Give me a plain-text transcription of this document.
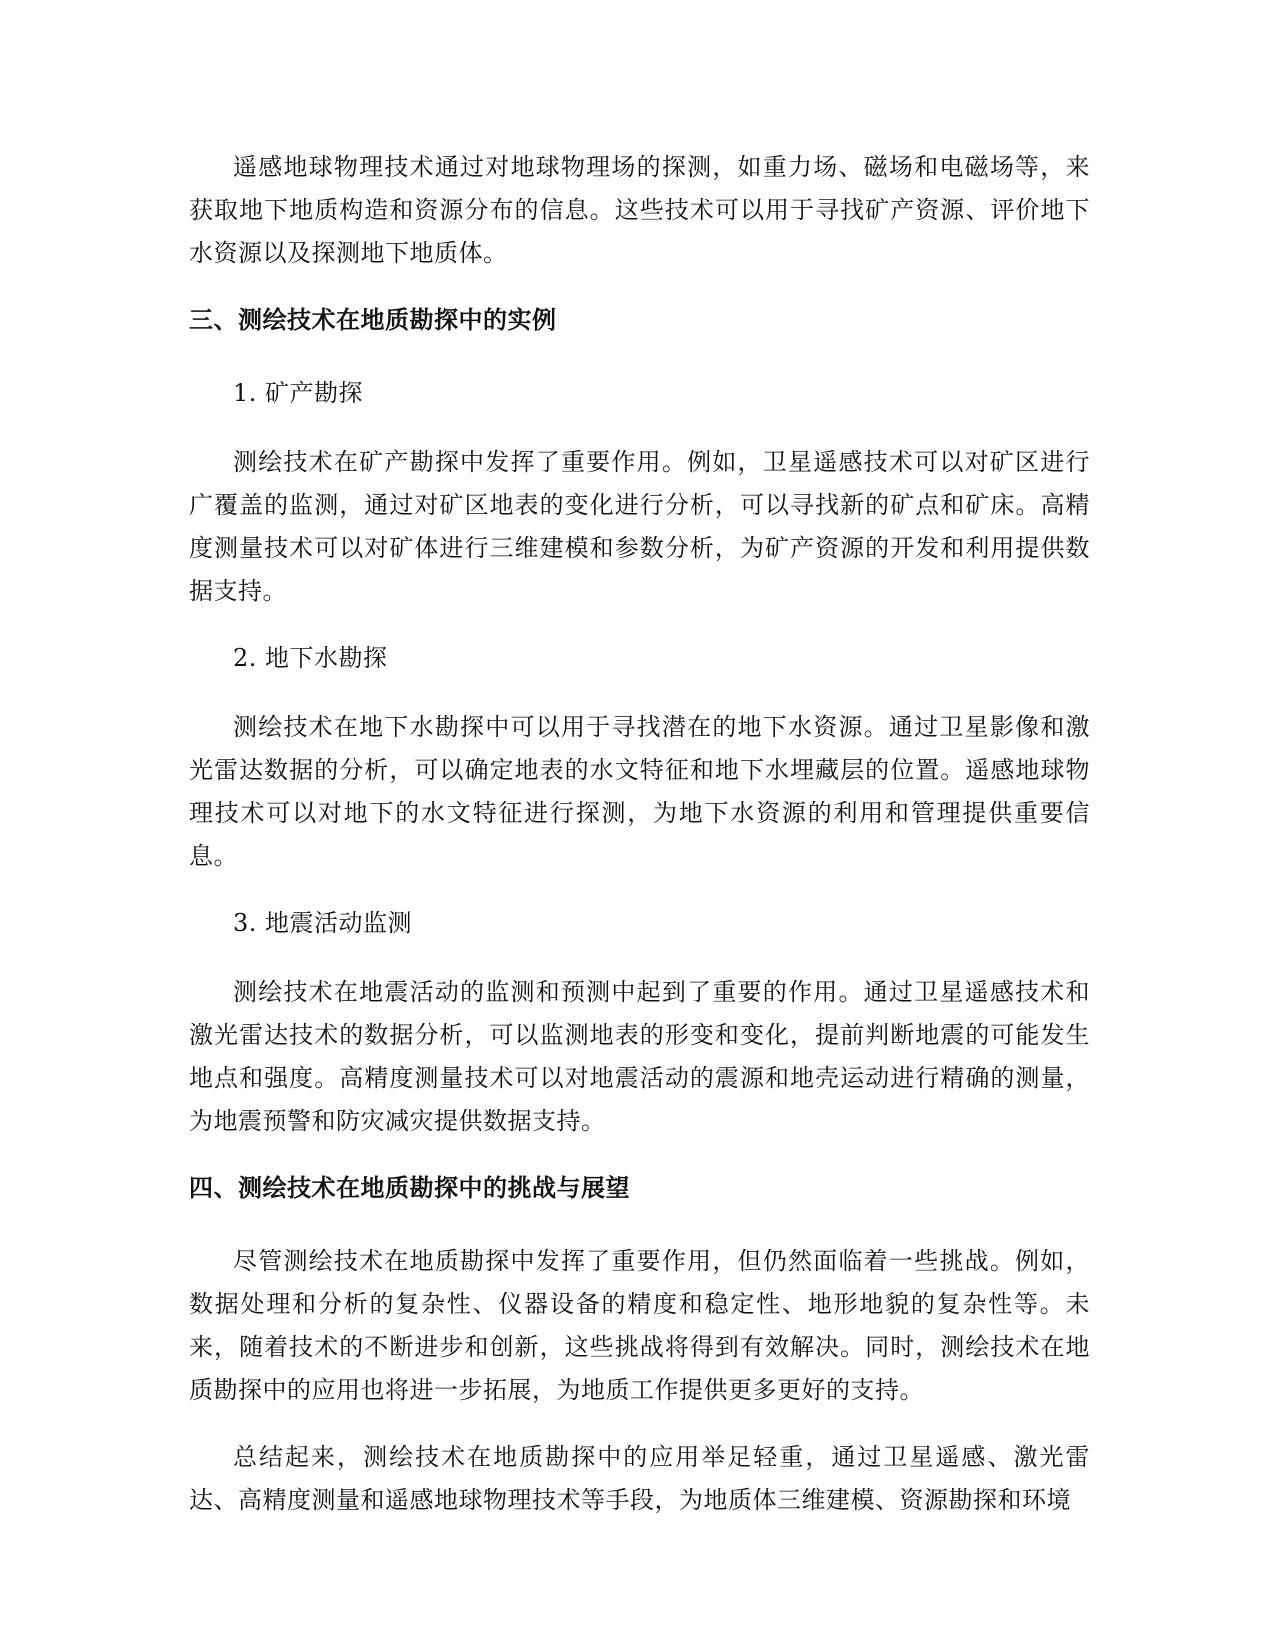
遥感地球物理技术通过对地球物理场的探测，如重力场、磁场和电磁场等，来获取地下地质构造和资源分布的信息。这些技术可以用于寻找矿产资源、评价地下水资源以及探测地下地质体。

三、测绘技术在地质勘探中的实例

1. 矿产勘探

测绘技术在矿产勘探中发挥了重要作用。例如，卫星遥感技术可以对矿区进行广覆盖的监测，通过对矿区地表的变化进行分析，可以寻找新的矿点和矿床。高精度测量技术可以对矿体进行三维建模和参数分析，为矿产资源的开发和利用提供数据支持。

2. 地下水勘探

测绘技术在地下水勘探中可以用于寻找潜在的地下水资源。通过卫星影像和激光雷达数据的分析，可以确定地表的水文特征和地下水埋藏层的位置。遥感地球物理技术可以对地下的水文特征进行探测，为地下水资源的利用和管理提供重要信息。

3. 地震活动监测

测绘技术在地震活动的监测和预测中起到了重要的作用。通过卫星遥感技术和激光雷达技术的数据分析，可以监测地表的形变和变化，提前判断地震的可能发生地点和强度。高精度测量技术可以对地震活动的震源和地壳运动进行精确的测量，为地震预警和防灾减灾提供数据支持。

四、测绘技术在地质勘探中的挑战与展望

尽管测绘技术在地质勘探中发挥了重要作用，但仍然面临着一些挑战。例如，数据处理和分析的复杂性、仪器设备的精度和稳定性、地形地貌的复杂性等。未来，随着技术的不断进步和创新，这些挑战将得到有效解决。同时，测绘技术在地质勘探中的应用也将进一步拓展，为地质工作提供更多更好的支持。

总结起来，测绘技术在地质勘探中的应用举足轻重，通过卫星遥感、激光雷达、高精度测量和遥感地球物理技术等手段，为地质体三维建模、资源勘探和环境
